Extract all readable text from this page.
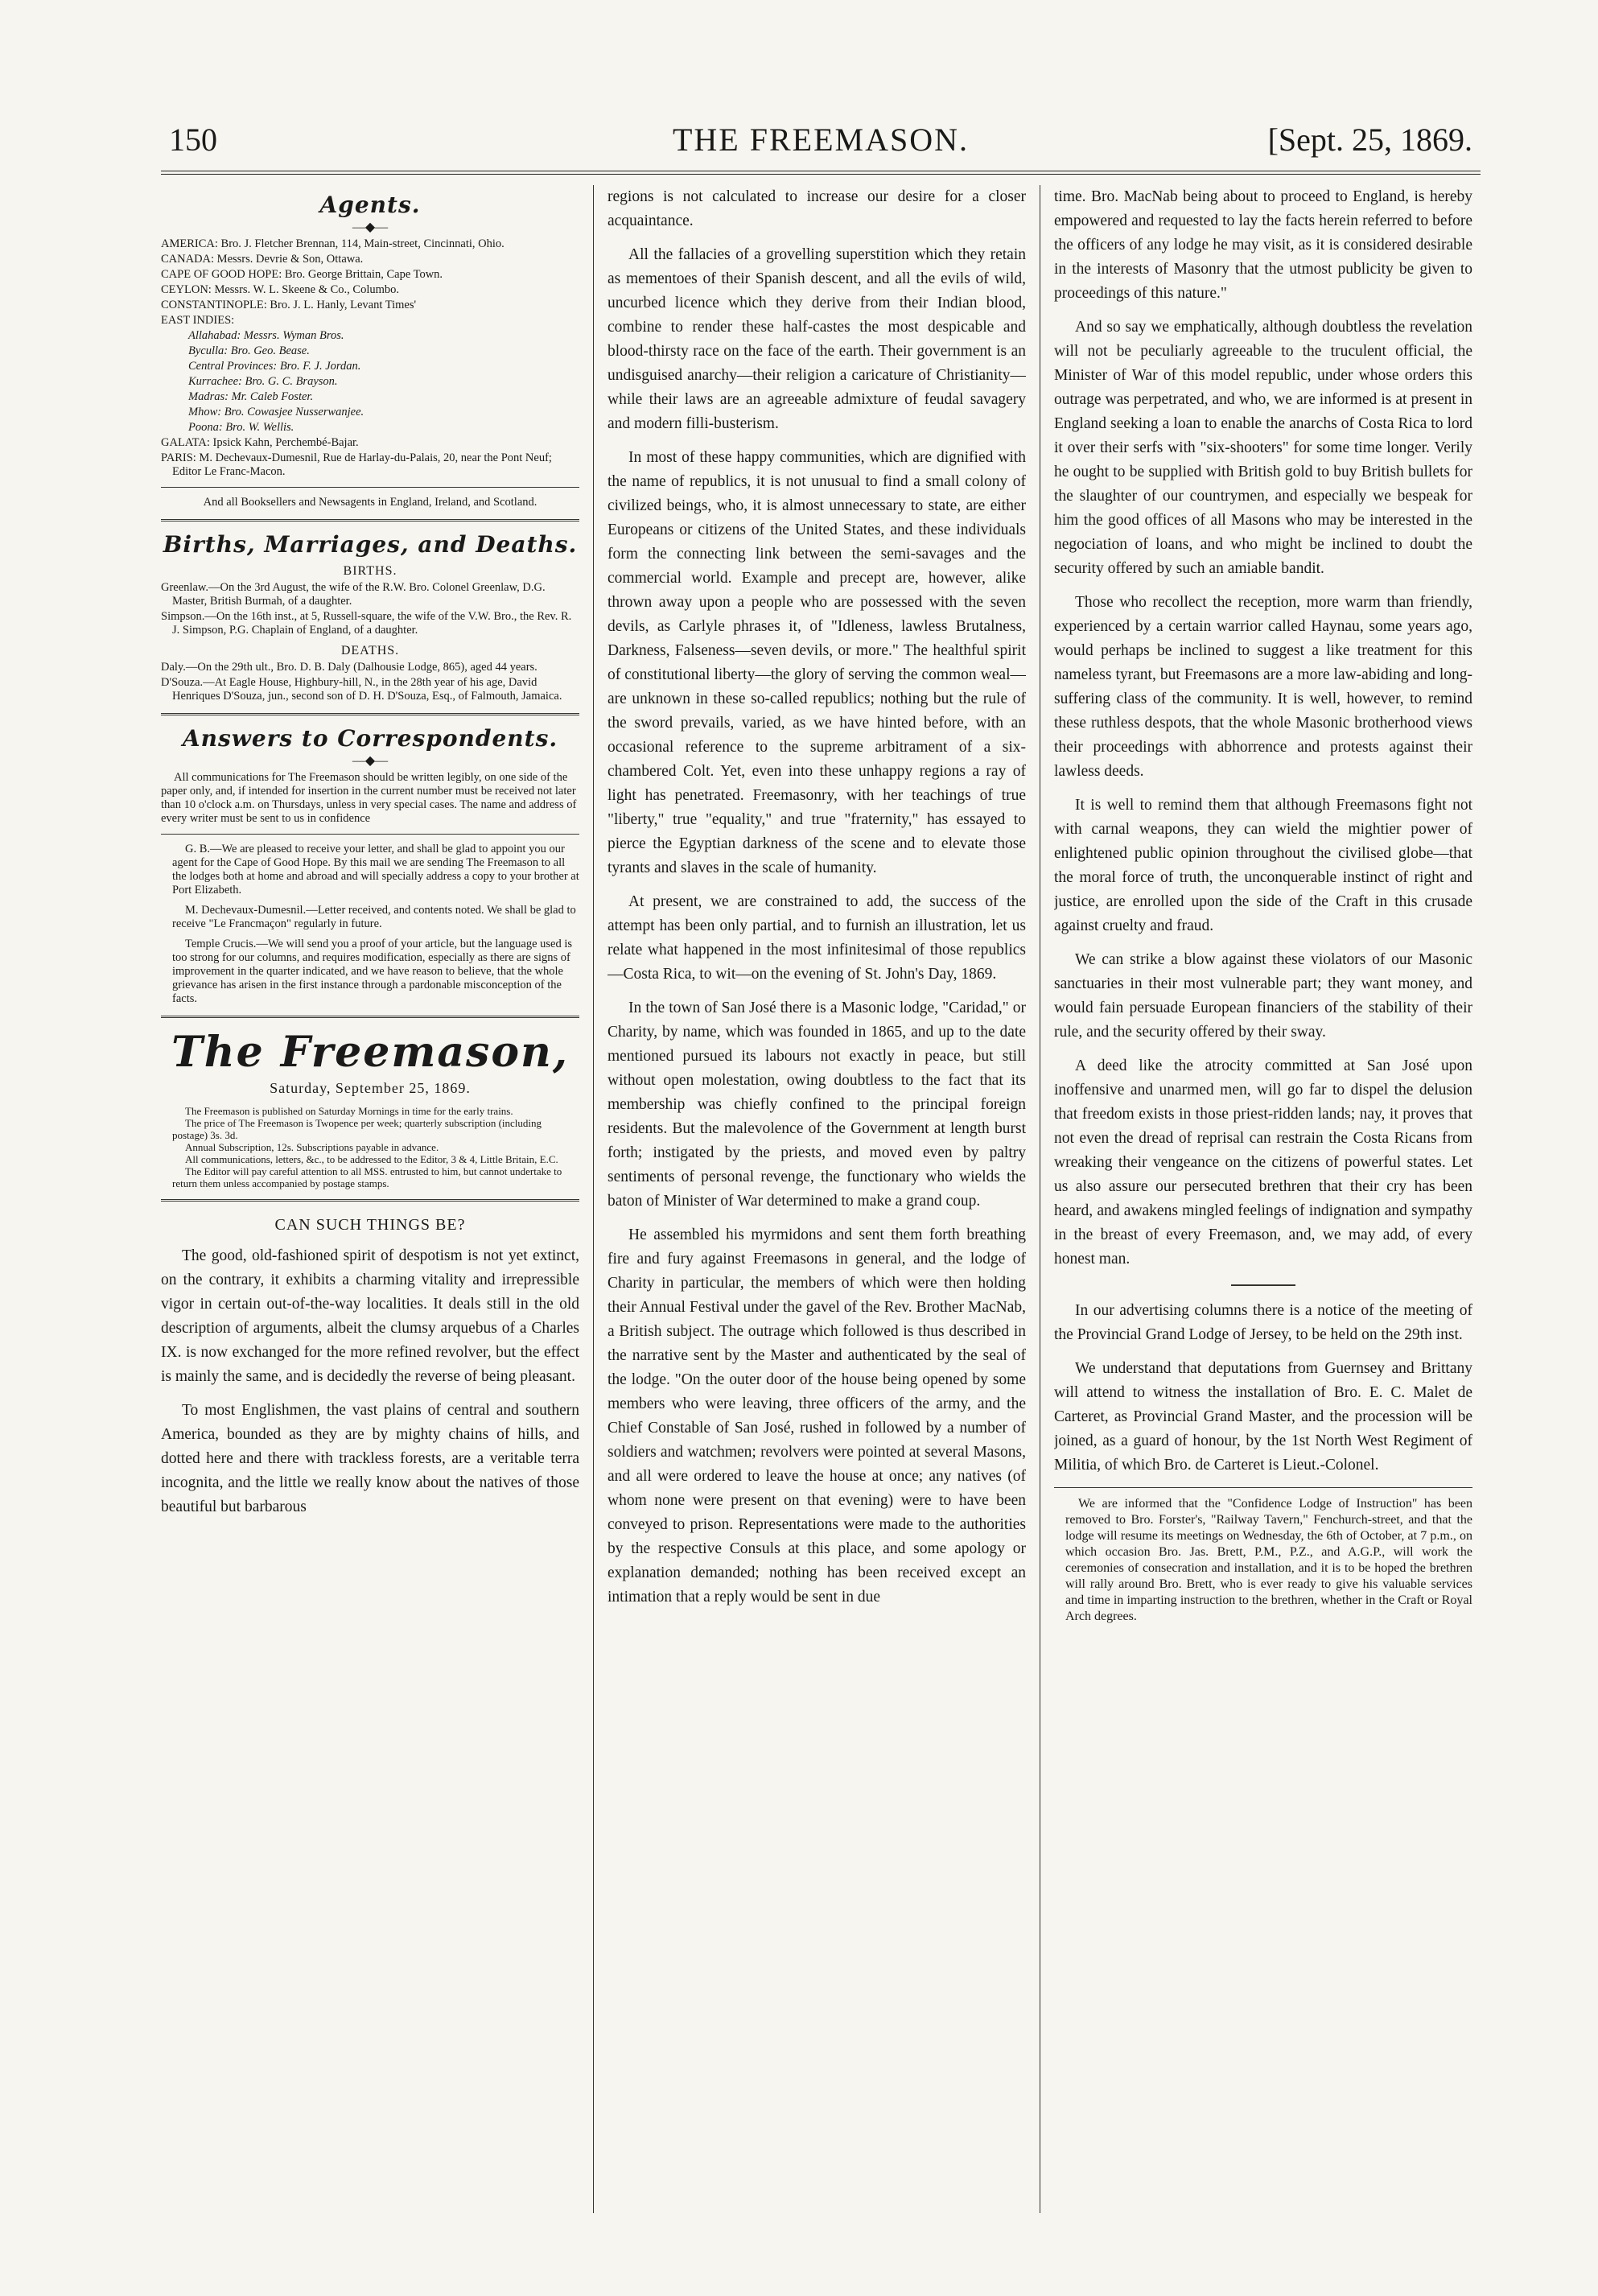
150	THE FREEMASON.	[Sept. 25, 1869.
Agents.
—◆—

AMERICA: Bro. J. Fletcher Brennan, 114, Main-street, Cincinnati, Ohio.

CANADA: Messrs. Devrie & Son, Ottawa.

CAPE OF GOOD HOPE: Bro. George Brittain, Cape Town.

CEYLON: Messrs. W. L. Skeene & Co., Columbo.

CONSTANTINOPLE: Bro. J. L. Hanly, Levant Times'

EAST INDIES:

Allahabad: Messrs. Wyman Bros.

Byculla: Bro. Geo. Bease.

Central Provinces: Bro. F. J. Jordan.

Kurrachee: Bro. G. C. Brayson.

Madras: Mr. Caleb Foster.

Mhow: Bro. Cowasjee Nusserwanjee.

Poona: Bro. W. Wellis.

GALATA: Ipsick Kahn, Perchembé-Bajar.

PARIS: M. Dechevaux-Dumesnil, Rue de Harlay-du-Palais, 20, near the Pont Neuf; Editor Le Franc-Macon.

And all Booksellers and Newsagents in England, Ireland, and Scotland.

Births, Marriages, and Deaths.
BIRTHS.

Greenlaw.—On the 3rd August, the wife of the R.W. Bro. Colonel Greenlaw, D.G. Master, British Burmah, of a daughter.

Simpson.—On the 16th inst., at 5, Russell-square, the wife of the V.W. Bro., the Rev. R. J. Simpson, P.G. Chaplain of England, of a daughter.

DEATHS.

Daly.—On the 29th ult., Bro. D. B. Daly (Dalhousie Lodge, 865), aged 44 years.

D'Souza.—At Eagle House, Highbury-hill, N., in the 28th year of his age, David Henriques D'Souza, jun., second son of D. H. D'Souza, Esq., of Falmouth, Jamaica.

Answers to Correspondents.
—◆—

All communications for The Freemason should be written legibly, on one side of the paper only, and, if intended for insertion in the current number must be received not later than 10 o'clock a.m. on Thursdays, unless in very special cases. The name and address of every writer must be sent to us in confidence

G. B.—We are pleased to receive your letter, and shall be glad to appoint you our agent for the Cape of Good Hope. By this mail we are sending The Freemason to all the lodges both at home and abroad and will specially address a copy to your brother at Port Elizabeth.

M. Dechevaux-Dumesnil.—Letter received, and contents noted. We shall be glad to receive "Le Francmaçon" regularly in future.

Temple Crucis.—We will send you a proof of your article, but the language used is too strong for our columns, and requires modification, especially as there are signs of improvement in the quarter indicated, and we have reason to believe, that the whole grievance has arisen in the first instance through a pardonable misconception of the facts.

The Freemason,
Saturday, September 25, 1869.

The Freemason is published on Saturday Mornings in time for the early trains.

The price of The Freemason is Twopence per week; quarterly subscription (including postage) 3s. 3d.

Annual Subscription, 12s. Subscriptions payable in advance.

All communications, letters, &c., to be addressed to the Editor, 3 & 4, Little Britain, E.C.

The Editor will pay careful attention to all MSS. entrusted to him, but cannot undertake to return them unless accompanied by postage stamps.

CAN SUCH THINGS BE?

The good, old-fashioned spirit of despotism is not yet extinct, on the contrary, it exhibits a charming vitality and irrepressible vigor in certain out-of-the-way localities. It deals still in the old description of arguments, albeit the clumsy arquebus of a Charles IX. is now exchanged for the more refined revolver, but the effect is mainly the same, and is decidedly the reverse of being pleasant.

To most Englishmen, the vast plains of central and southern America, bounded as they are by mighty chains of hills, and dotted here and there with trackless forests, are a veritable terra incognita, and the little we really know about the natives of those beautiful but barbarous

regions is not calculated to increase our desire for a closer acquaintance.

All the fallacies of a grovelling superstition which they retain as mementoes of their Spanish descent, and all the evils of wild, uncurbed licence which they derive from their Indian blood, combine to render these half-castes the most despicable and blood-thirsty race on the face of the earth. Their government is an undisguised anarchy—their religion a caricature of Christianity—while their laws are an agreeable admixture of feudal savagery and modern filli-busterism.

In most of these happy communities, which are dignified with the name of republics, it is not unusual to find a small colony of civilized beings, who, it is almost unnecessary to state, are either Europeans or citizens of the United States, and these individuals form the connecting link between the semi-savages and the commercial world. Example and precept are, however, alike thrown away upon a people who are possessed with the seven devils, as Carlyle phrases it, of "Idleness, lawless Brutalness, Darkness, Falseness—seven devils, or more." The healthful spirit of constitutional liberty—the glory of serving the common weal—are unknown in these so-called republics; nothing but the rule of the sword prevails, varied, as we have hinted before, with an occasional reference to the supreme arbitrament of a six-chambered Colt. Yet, even into these unhappy regions a ray of light has penetrated. Freemasonry, with her teachings of true "liberty," true "equality," and true "fraternity," has essayed to pierce the Egyptian darkness of the scene and to elevate those tyrants and slaves in the scale of humanity.

At present, we are constrained to add, the success of the attempt has been only partial, and to furnish an illustration, let us relate what happened in the most infinitesimal of those republics—Costa Rica, to wit—on the evening of St. John's Day, 1869.

In the town of San José there is a Masonic lodge, "Caridad," or Charity, by name, which was founded in 1865, and up to the date mentioned pursued its labours not exactly in peace, but still without open molestation, owing doubtless to the fact that its membership was chiefly confined to the principal foreign residents. But the malevolence of the Government at length burst forth; instigated by the priests, and moved even by paltry sentiments of personal revenge, the functionary who wields the baton of Minister of War determined to make a grand coup.

He assembled his myrmidons and sent them forth breathing fire and fury against Freemasons in general, and the lodge of Charity in particular, the members of which were then holding their Annual Festival under the gavel of the Rev. Brother MacNab, a British subject. The outrage which followed is thus described in the narrative sent by the Master and authenticated by the seal of the lodge. "On the outer door of the house being opened by some members who were leaving, three officers of the army, and the Chief Constable of San José, rushed in followed by a number of soldiers and watchmen; revolvers were pointed at several Masons, and all were ordered to leave the house at once; any natives (of whom none were present on that evening) were to have been conveyed to prison. Representations were made to the authorities by the respective Consuls at this place, and some apology or explanation demanded; nothing has been received except an intimation that a reply would be sent in due

time. Bro. MacNab being about to proceed to England, is hereby empowered and requested to lay the facts herein referred to before the officers of any lodge he may visit, as it is considered desirable in the interests of Masonry that the utmost publicity be given to proceedings of this nature."

And so say we emphatically, although doubtless the revelation will not be peculiarly agreeable to the truculent official, the Minister of War of this model republic, under whose orders this outrage was perpetrated, and who, we are informed is at present in England seeking a loan to enable the anarchs of Costa Rica to lord it over their serfs with "six-shooters" for some time longer. Verily he ought to be supplied with British gold to buy British bullets for the slaughter of our countrymen, and especially we bespeak for him the good offices of all Masons who may be interested in the negociation of loans, and who might be inclined to doubt the security offered by such an amiable bandit.

Those who recollect the reception, more warm than friendly, experienced by a certain warrior called Haynau, some years ago, would perhaps be inclined to suggest a like treatment for this nameless tyrant, but Freemasons are a more law-abiding and long-suffering class of the community. It is well, however, to remind these ruthless despots, that the whole Masonic brotherhood views their proceedings with abhorrence and protests against their lawless deeds.

It is well to remind them that although Freemasons fight not with carnal weapons, they can wield the mightier power of enlightened public opinion throughout the civilised globe—that the moral force of truth, the unconquerable instinct of right and justice, are enrolled upon the side of the Craft in this crusade against cruelty and fraud.

We can strike a blow against these violators of our Masonic sanctuaries in their most vulnerable part; they want money, and would fain persuade European financiers of the stability of their rule, and the security offered by their sway.

A deed like the atrocity committed at San José upon inoffensive and unarmed men, will go far to dispel the delusion that freedom exists in those priest-ridden lands; nay, it proves that not even the dread of reprisal can restrain the Costa Ricans from wreaking their vengeance on the citizens of powerful states. Let us also assure our persecuted brethren that their cry has been heard, and awakens mingled feelings of indignation and sympathy in the breast of every Freemason, and, we may add, of every honest man.

In our advertising columns there is a notice of the meeting of the Provincial Grand Lodge of Jersey, to be held on the 29th inst.

We understand that deputations from Guernsey and Brittany will attend to witness the installation of Bro. E. C. Malet de Carteret, as Provincial Grand Master, and the procession will be joined, as a guard of honour, by the 1st North West Regiment of Militia, of which Bro. de Carteret is Lieut.-Colonel.

We are informed that the "Confidence Lodge of Instruction" has been removed to Bro. Forster's, "Railway Tavern," Fenchurch-street, and that the lodge will resume its meetings on Wednesday, the 6th of October, at 7 p.m., on which occasion Bro. Jas. Brett, P.M., P.Z., and A.G.P., will work the ceremonies of consecration and installation, and it is to be hoped the brethren will rally around Bro. Brett, who is ever ready to give his valuable services and time in imparting instruction to the brethren, whether in the Craft or Royal Arch degrees.
